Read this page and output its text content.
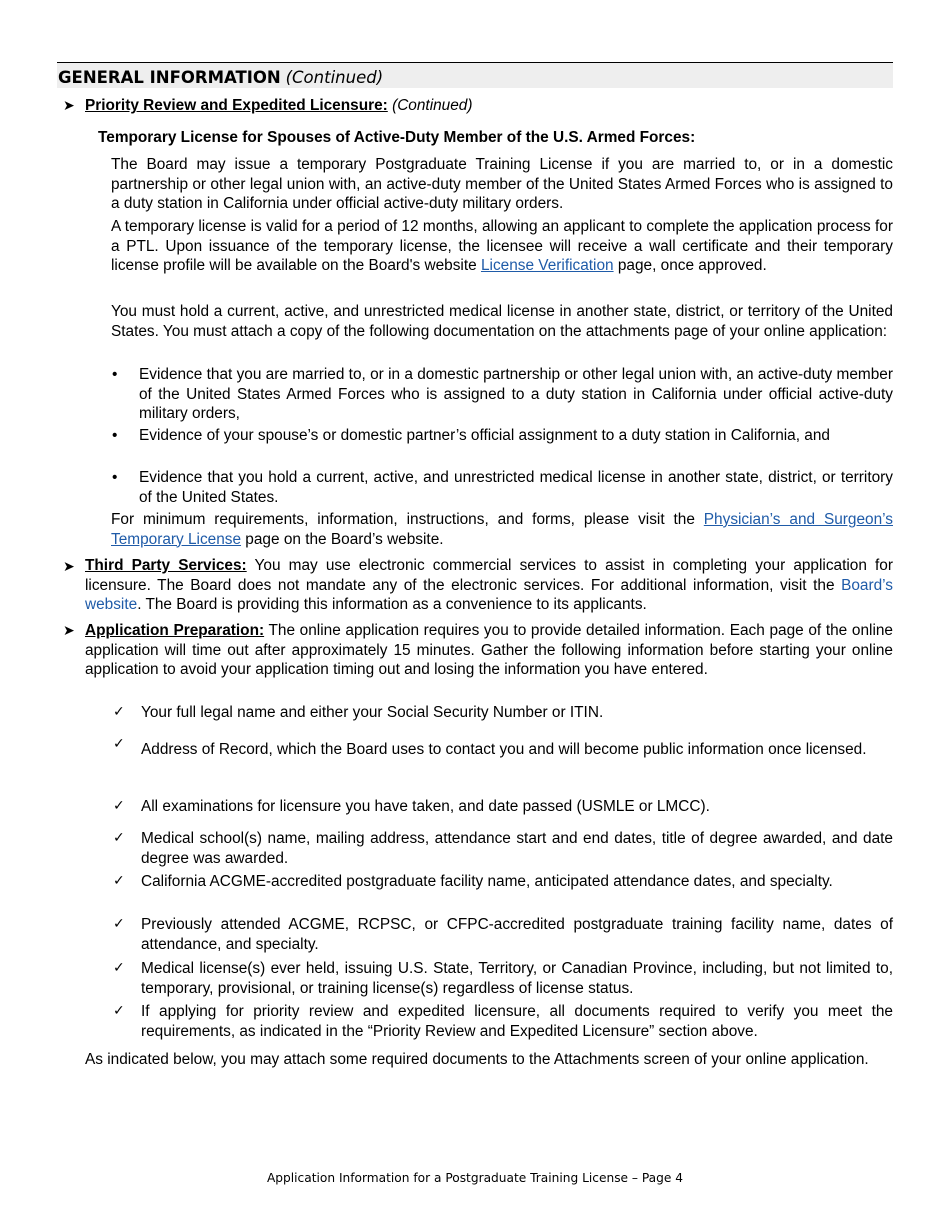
GENERAL INFORMATION (Continued)
➤ Priority Review and Expedited Licensure: (Continued)
Temporary License for Spouses of Active-Duty Member of the U.S. Armed Forces:
The Board may issue a temporary Postgraduate Training License if you are married to, or in a domestic partnership or other legal union with, an active-duty member of the United States Armed Forces who is assigned to a duty station in California under official active-duty military orders.
A temporary license is valid for a period of 12 months, allowing an applicant to complete the application process for a PTL. Upon issuance of the temporary license, the licensee will receive a wall certificate and their temporary license profile will be available on the Board's website License Verification page, once approved.
You must hold a current, active, and unrestricted medical license in another state, district, or territory of the United States. You must attach a copy of the following documentation on the attachments page of your online application:
• Evidence that you are married to, or in a domestic partnership or other legal union with, an active-duty member of the United States Armed Forces who is assigned to a duty station in California under official active-duty military orders,
• Evidence of your spouse’s or domestic partner’s official assignment to a duty station in California, and
• Evidence that you hold a current, active, and unrestricted medical license in another state, district, or territory of the United States.
For minimum requirements, information, instructions, and forms, please visit the Physician’s and Surgeon’s Temporary License page on the Board’s website.
➤ Third Party Services: You may use electronic commercial services to assist in completing your application for licensure. The Board does not mandate any of the electronic services. For additional information, visit the Board’s website. The Board is providing this information as a convenience to its applicants.
➤ Application Preparation: The online application requires you to provide detailed information. Each page of the online application will time out after approximately 15 minutes. Gather the following information before starting your online application to avoid your application timing out and losing the information you have entered.
✓ Your full legal name and either your Social Security Number or ITIN.
✓ Address of Record, which the Board uses to contact you and will become public information once licensed.
✓ All examinations for licensure you have taken, and date passed (USMLE or LMCC).
✓ Medical school(s) name, mailing address, attendance start and end dates, title of degree awarded, and date degree was awarded.
✓ California ACGME-accredited postgraduate facility name, anticipated attendance dates, and specialty.
✓ Previously attended ACGME, RCPSC, or CFPC-accredited postgraduate training facility name, dates of attendance, and specialty.
✓ Medical license(s) ever held, issuing U.S. State, Territory, or Canadian Province, including, but not limited to, temporary, provisional, or training license(s) regardless of license status.
✓ If applying for priority review and expedited licensure, all documents required to verify you meet the requirements, as indicated in the “Priority Review and Expedited Licensure” section above.
As indicated below, you may attach some required documents to the Attachments screen of your online application.
Application Information for a Postgraduate Training License – Page 4
